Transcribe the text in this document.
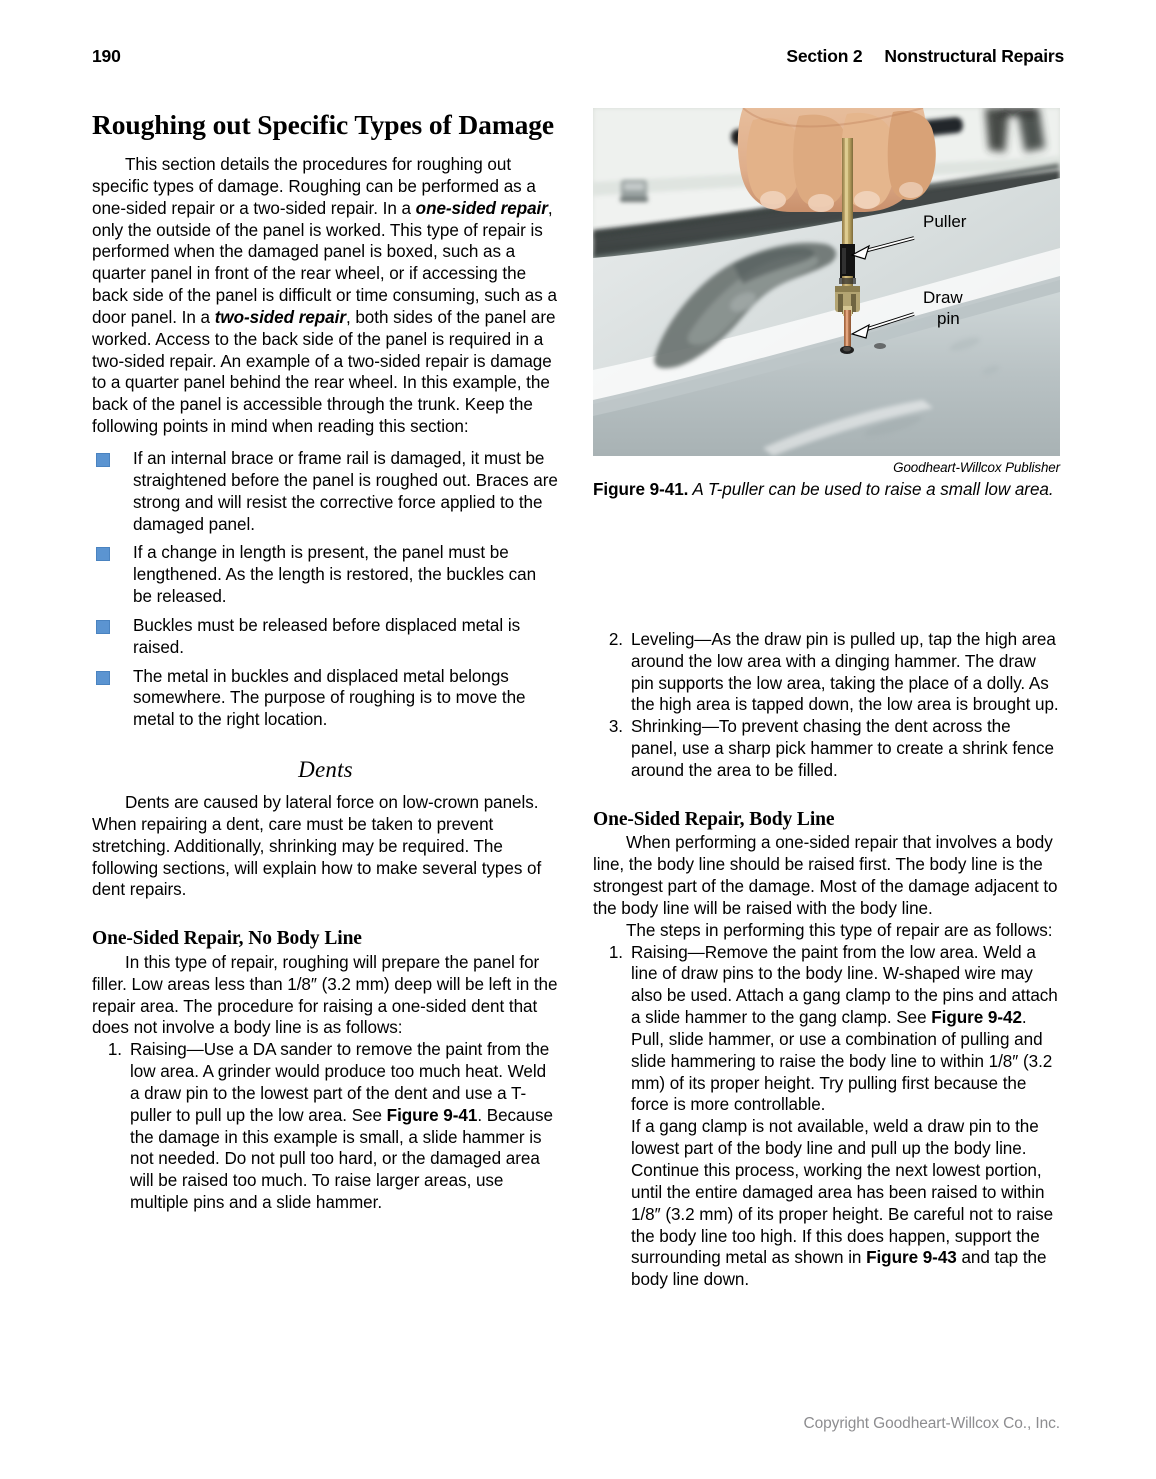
190	Section 2 Nonstructural Repairs
Roughing out Specific Types of Damage

This section details the procedures for roughing out specific types of damage. Roughing can be performed as a one-sided repair or a two-sided repair. In a one-sided repair, only the outside of the panel is worked. This type of repair is performed when the damaged panel is boxed, such as a quarter panel in front of the rear wheel, or if accessing the back side of the panel is difficult or time consuming, such as a door panel. In a two-sided repair, both sides of the panel are worked. Access to the back side of the panel is required in a two-sided repair. An example of a two-sided repair is damage to a quarter panel behind the rear wheel. In this example, the back of the panel is accessible through the trunk. Keep the following points in mind when reading this section:

If an internal brace or frame rail is damaged, it must be straightened before the panel is roughed out. Braces are strong and will resist the corrective force applied to the damaged panel.
If a change in length is present, the panel must be lengthened. As the length is restored, the buckles can be released.
Buckles must be released before displaced metal is raised.
The metal in buckles and displaced metal belongs somewhere. The purpose of roughing is to move the metal to the right location.
Dents

Dents are caused by lateral force on low-crown panels. When repairing a dent, care must be taken to prevent stretching. Additionally, shrinking may be required. The following sections, will explain how to make several types of dent repairs.

One-Sided Repair, No Body Line

In this type of repair, roughing will prepare the panel for filler. Low areas less than 1/8″ (3.2 mm) deep will be left in the repair area. The procedure for raising a one-sided dent that does not involve a body line is as follows:

1. Raising—Use a DA sander to remove the paint from the low area. A grinder would produce too much heat. Weld a draw pin to the lowest part of the dent and use a T-puller to pull up the low area. See Figure 9-41. Because the damage in this example is small, a slide hammer is not needed. Do not pull too hard, or the damaged area will be raised too much. To raise larger areas, use multiple pins and a slide hammer.
Puller
Draw
pin
Goodheart-Willcox Publisher
Figure 9-41. A T-puller can be used to raise a small low area.
2. Leveling—As the draw pin is pulled up, tap the high area around the low area with a dinging hammer. The draw pin supports the low area, taking the place of a dolly. As the high area is tapped down, the low area is brought up.
3. Shrinking—To prevent chasing the dent across the panel, use a sharp pick hammer to create a shrink fence around the area to be filled.
One-Sided Repair, Body Line

When performing a one-sided repair that involves a body line, the body line should be raised first. The body line is the strongest part of the damage. Most of the damage adjacent to the body line will be raised with the body line.

The steps in performing this type of repair are as follows:

1. Raising—Remove the paint from the low area. Weld a line of draw pins to the body line. W-shaped wire may also be used. Attach a gang clamp to the pins and attach a slide hammer to the gang clamp. See Figure 9-42. Pull, slide hammer, or use a combination of pulling and slide hammering to raise the body line to within 1/8″ (3.2 mm) of its proper height. Try pulling first because the force is more controllable.

If a gang clamp is not available, weld a draw pin to the lowest part of the body line and pull up the body line. Continue this process, working the next lowest portion, until the entire damaged area has been raised to within 1/8″ (3.2 mm) of its proper height. Be careful not to raise the body line too high. If this does happen, support the surrounding metal as shown in Figure 9-43 and tap the body line down.

Copyright Goodheart-Willcox Co., Inc.
